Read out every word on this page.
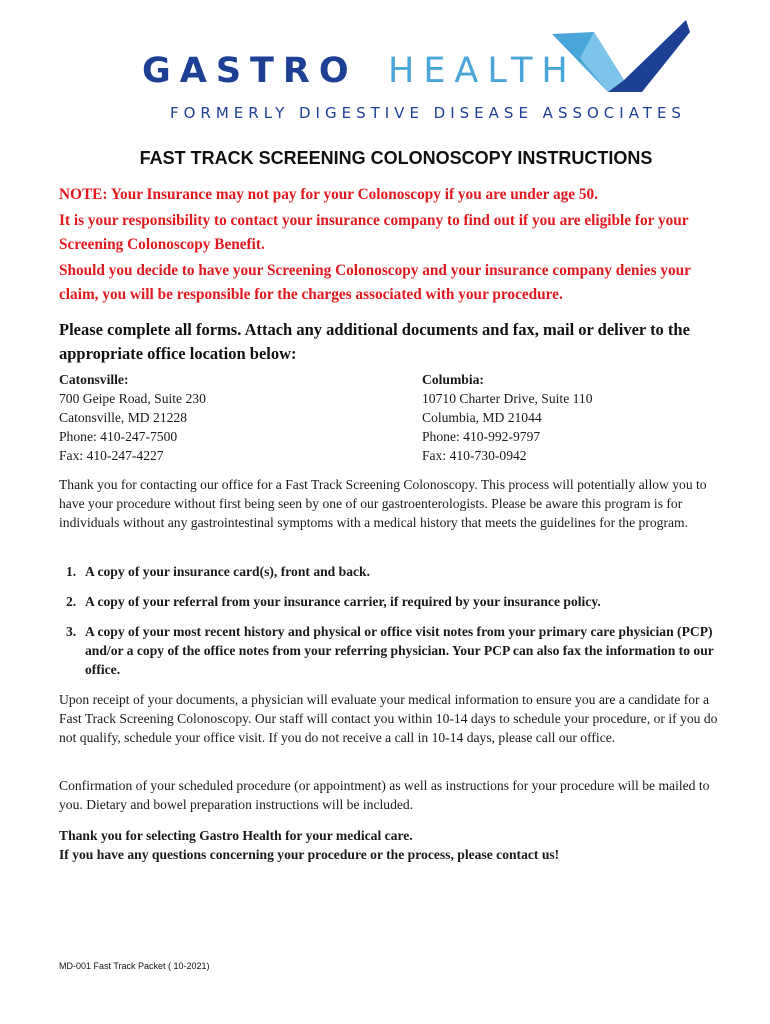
GASTRO HEALTH
FORMERLY DIGESTIVE DISEASE ASSOCIATES
FAST TRACK SCREENING COLONOSCOPY INSTRUCTIONS

NOTE: Your Insurance may not pay for your Colonoscopy if you are under age 50.

It is your responsibility to contact your insurance company to find out if you are eligible for your Screening Colonoscopy Benefit.

Should you decide to have your Screening Colonoscopy and your insurance company denies your claim, you will be responsible for the charges associated with your procedure.

Please complete all forms. Attach any additional documents and fax, mail or deliver to the appropriate office location below:
Catonsville:
700 Geipe Road, Suite 230
Catonsville, MD 21228
Phone: 410-247-7500
Fax: 410-247-4227
Columbia:
10710 Charter Drive, Suite 110
Columbia, MD 21044
Phone: 410-992-9797
Fax: 410-730-0942

Thank you for contacting our office for a Fast Track Screening Colonoscopy. This process will potentially allow you to have your procedure without first being seen by one of our gastroenterologists. Please be aware this program is for individuals without any gastrointestinal symptoms with a medical history that meets the guidelines for the program.

1. A copy of your insurance card(s), front and back.
2. A copy of your referral from your insurance carrier, if required by your insurance policy.
3. A copy of your most recent history and physical or office visit notes from your primary care physician (PCP) and/or a copy of the office notes from your referring physician. Your PCP can also fax the information to our office.

Upon receipt of your documents, a physician will evaluate your medical information to ensure you are a candidate for a Fast Track Screening Colonoscopy. Our staff will contact you within 10-14 days to schedule your procedure, or if you do not qualify, schedule your office visit. If you do not receive a call in 10-14 days, please call our office.

Confirmation of your scheduled procedure (or appointment) as well as instructions for your procedure will be mailed to you. Dietary and bowel preparation instructions will be included.

Thank you for selecting Gastro Health for your medical care.
If you have any questions concerning your procedure or the process, please contact us!
MD-001 Fast Track Packet ( 10-2021)
